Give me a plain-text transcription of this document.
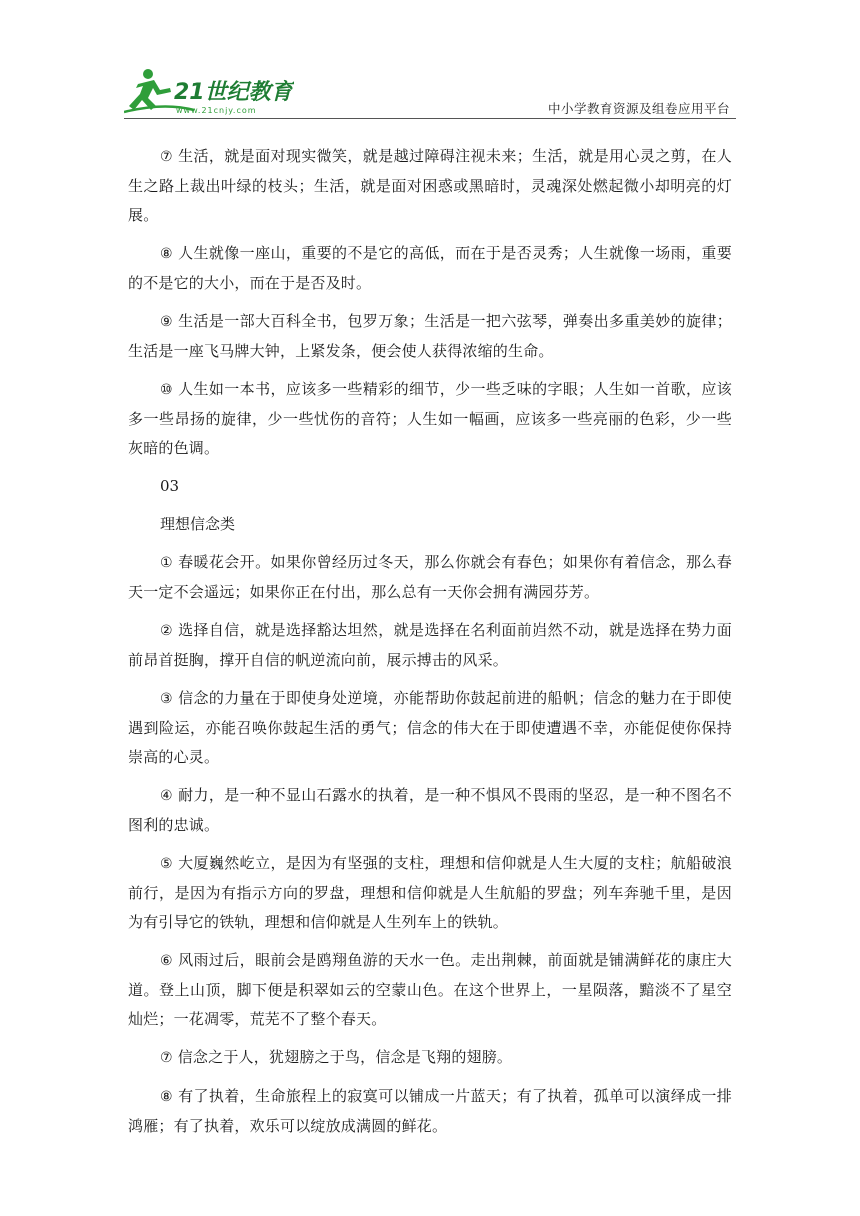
21世纪教育
www.21cnjy.com	中小学教育资源及组卷应用平台

⑦ 生活，就是面对现实微笑，就是越过障碍注视未来；生活，就是用心灵之剪，在人生之路上裁出叶绿的枝头；生活，就是面对困惑或黑暗时，灵魂深处燃起微小却明亮的灯展。

⑧ 人生就像一座山，重要的不是它的高低，而在于是否灵秀；人生就像一场雨，重要的不是它的大小，而在于是否及时。

⑨ 生活是一部大百科全书，包罗万象；生活是一把六弦琴，弹奏出多重美妙的旋律；生活是一座飞马牌大钟，上紧发条，便会使人获得浓缩的生命。

⑩ 人生如一本书，应该多一些精彩的细节，少一些乏味的字眼；人生如一首歌，应该多一些昂扬的旋律，少一些忧伤的音符；人生如一幅画，应该多一些亮丽的色彩，少一些灰暗的色调。

03

理想信念类

① 春暖花会开。如果你曾经历过冬天，那么你就会有春色；如果你有着信念，那么春天一定不会遥远；如果你正在付出，那么总有一天你会拥有满园芬芳。

② 选择自信，就是选择豁达坦然，就是选择在名利面前岿然不动，就是选择在势力面前昂首挺胸，撑开自信的帆逆流向前，展示搏击的风采。

③ 信念的力量在于即使身处逆境，亦能帮助你鼓起前进的船帆；信念的魅力在于即使遇到险运，亦能召唤你鼓起生活的勇气；信念的伟大在于即使遭遇不幸，亦能促使你保持崇高的心灵。

④ 耐力，是一种不显山石露水的执着，是一种不惧风不畏雨的坚忍，是一种不图名不图利的忠诚。

⑤ 大厦巍然屹立，是因为有坚强的支柱，理想和信仰就是人生大厦的支柱；航船破浪前行，是因为有指示方向的罗盘，理想和信仰就是人生航船的罗盘；列车奔驰千里，是因为有引导它的铁轨，理想和信仰就是人生列车上的铁轨。

⑥ 风雨过后，眼前会是鸥翔鱼游的天水一色。走出荆棘，前面就是铺满鲜花的康庄大道。登上山顶，脚下便是积翠如云的空蒙山色。在这个世界上，一星陨落，黯淡不了星空灿烂；一花凋零，荒芜不了整个春天。

⑦ 信念之于人，犹翅膀之于鸟，信念是飞翔的翅膀。

⑧ 有了执着，生命旅程上的寂寞可以铺成一片蓝天；有了执着，孤单可以演绎成一排鸿雁；有了执着，欢乐可以绽放成满圆的鲜花。
